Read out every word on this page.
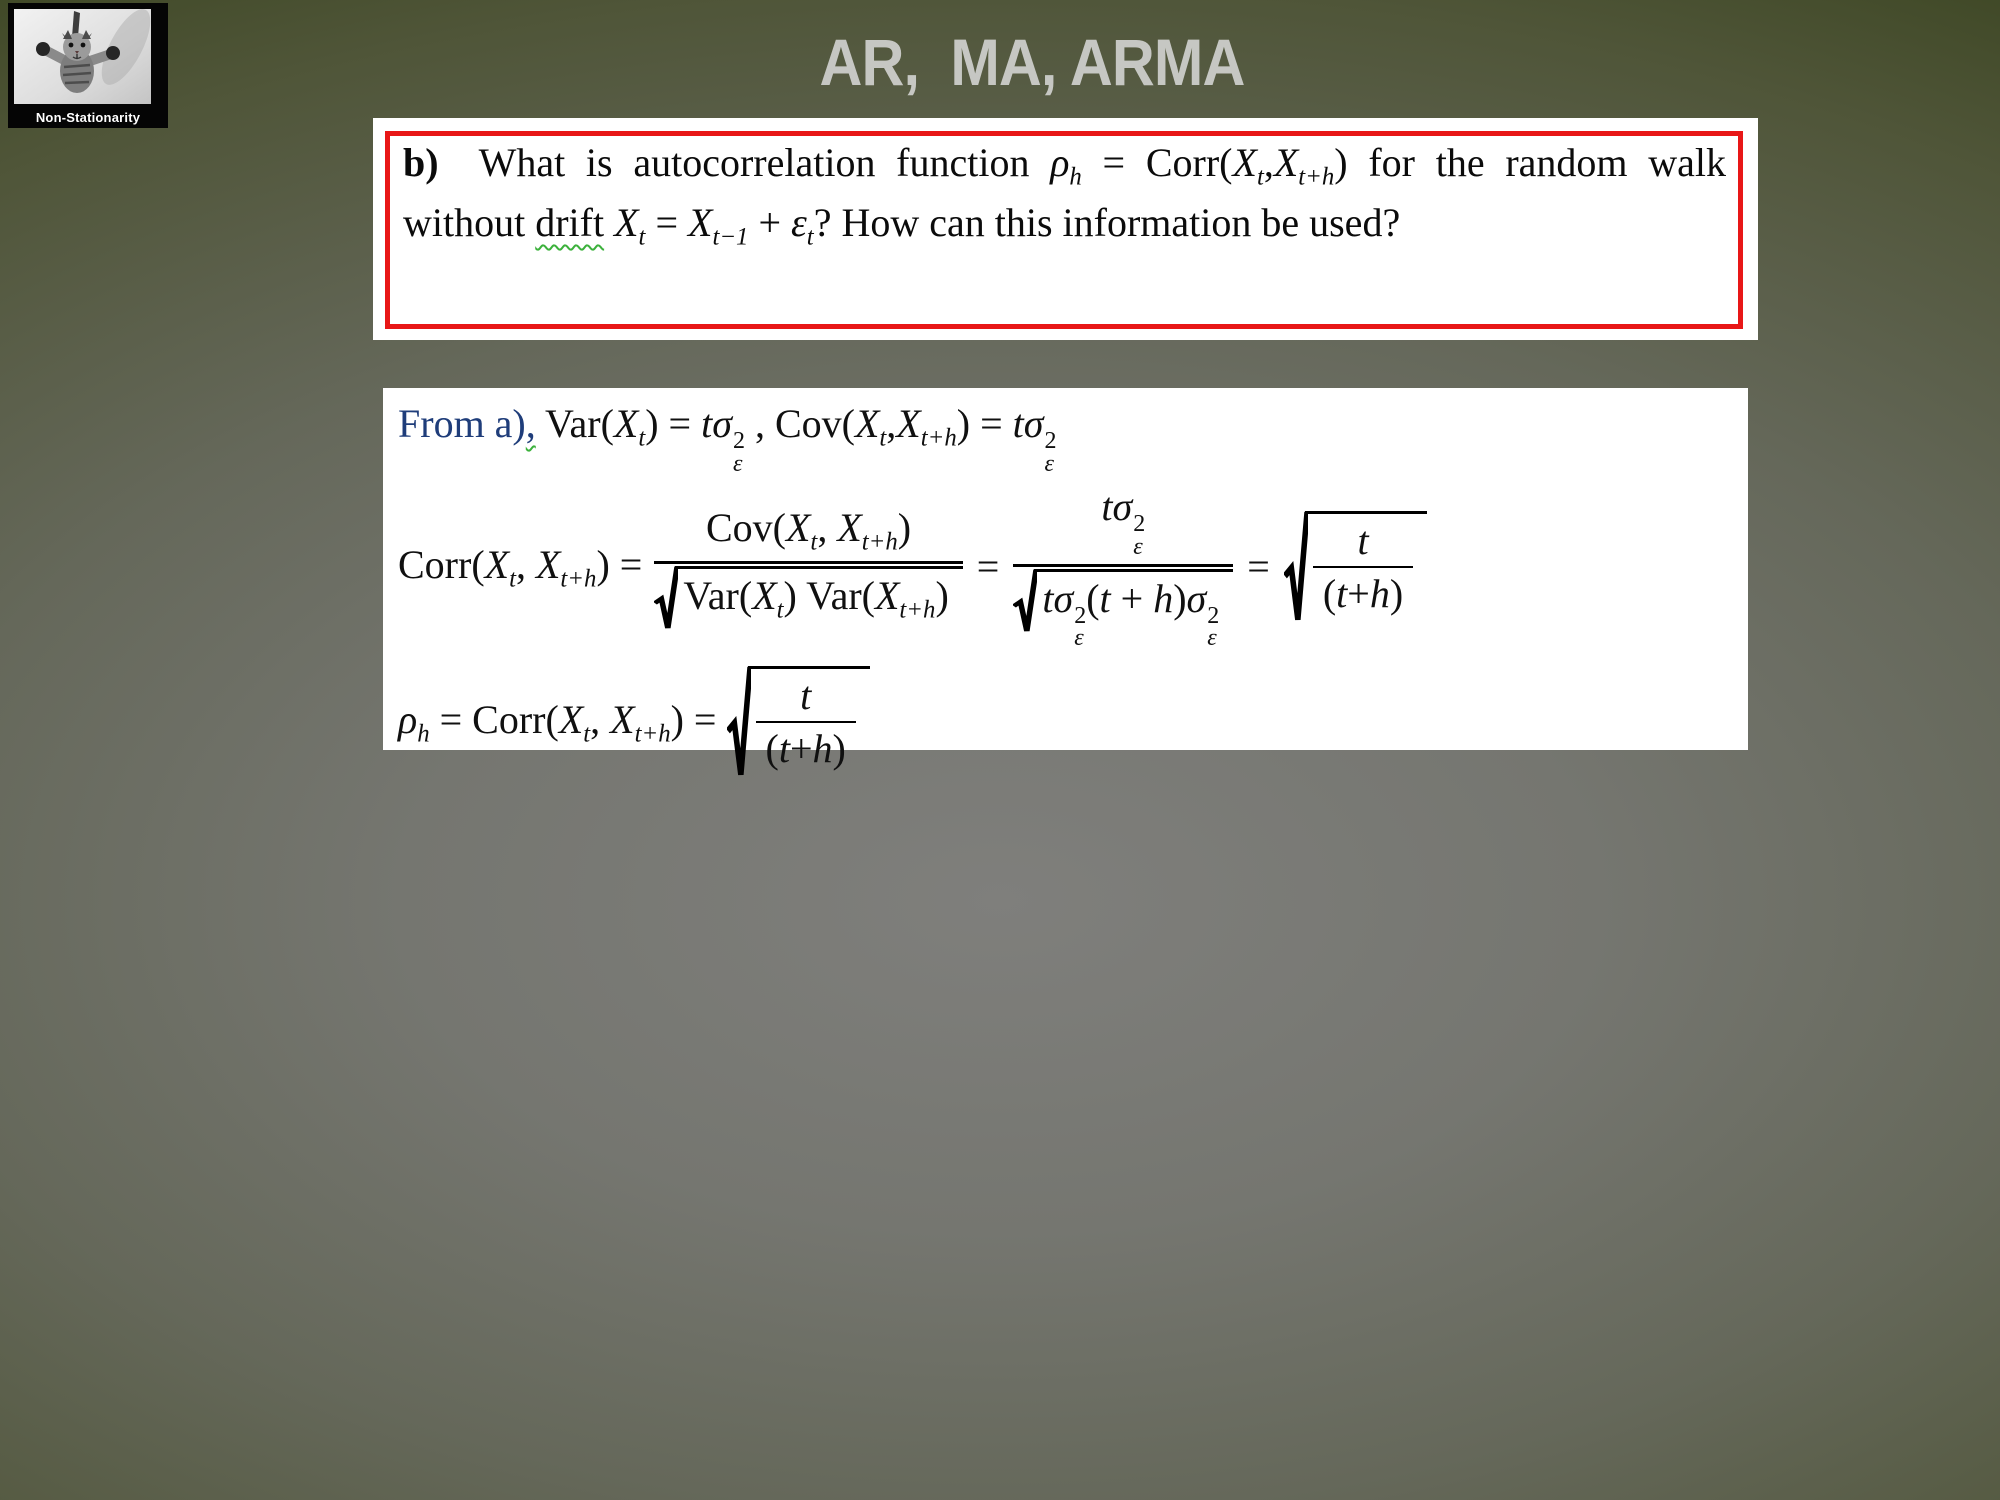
Non-Stationarity
AR,  MA, ARMA
b) What is autocorrelation function $\rho_h$ = $Corr(X_t,X_{t+h})$ for the random walk without drift $X_t = X_{t-1} + \varepsilon_t$? How can this information be used?
From a), $Var(X_t) = t\sigma$ 2
ε
, $Cov(X_t,X_{t+h}) = t\sigma$ 2
ε
$Corr(X_t$, $X_{t+h}) = \frac{Cov(X_t, X_{t+h})}{Var(X_t) Var(X_{t+h})} = t\sigma$ 2
ε
tσ 2
ε
(t + h)σ 2
$\varepsilon = \frac{t}{( t + h )}$
$\rho_h$ = $Corr(X_t$, $X_{t+h}) = \frac{t}{( t + h )}$
